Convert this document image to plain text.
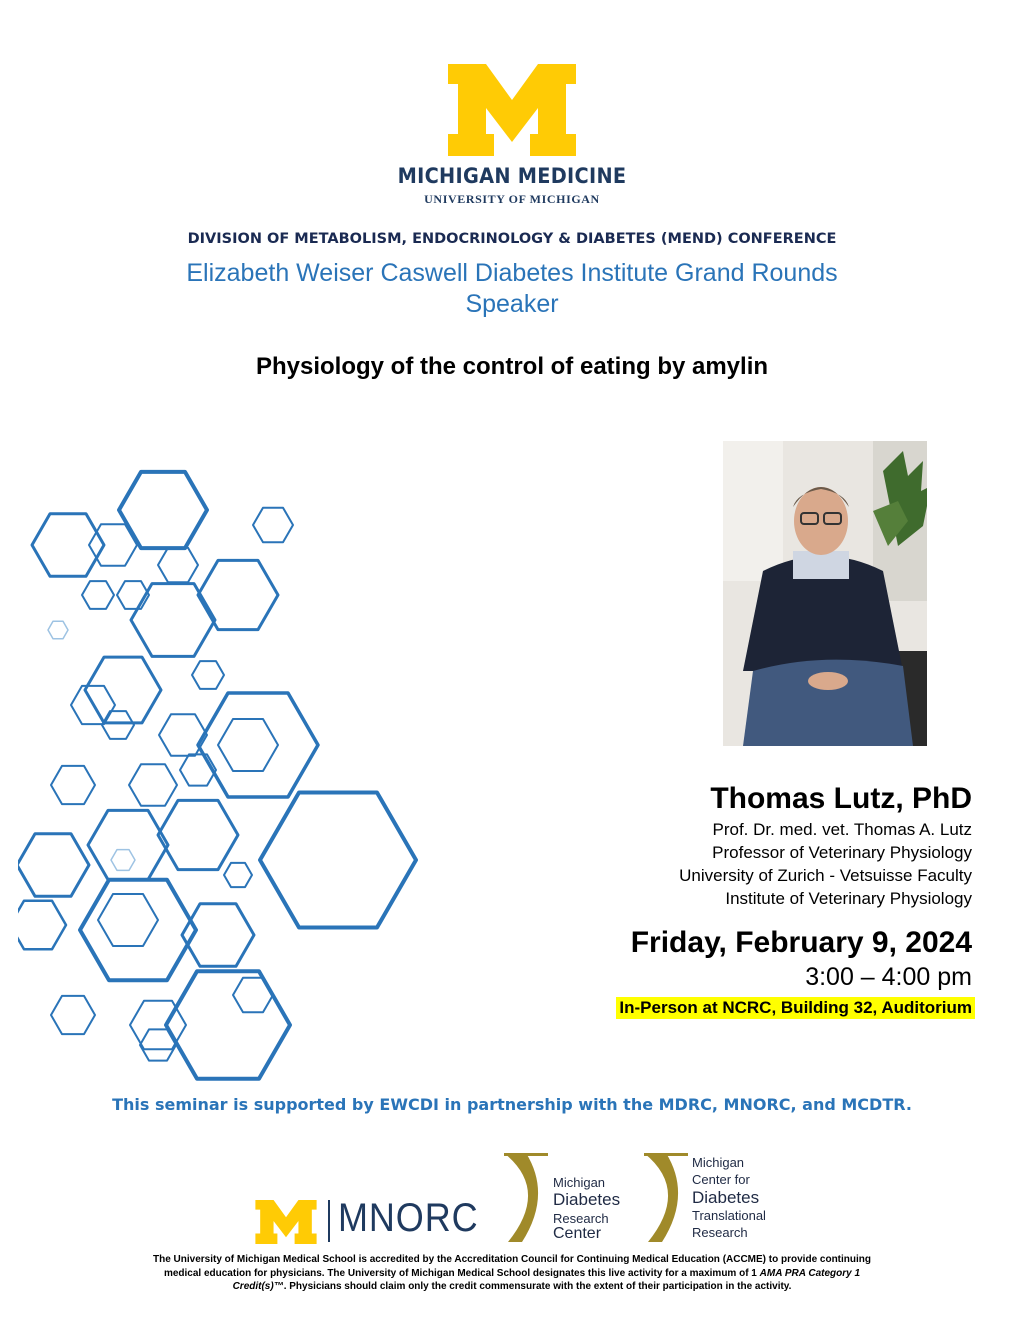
MICHIGAN MEDICINE
UNIVERSITY OF MICHIGAN
DIVISION OF METABOLISM, ENDOCRINOLOGY & DIABETES (MEND) CONFERENCE
Elizabeth Weiser Caswell Diabetes Institute Grand Rounds Speaker
Physiology of the control of eating by amylin
Thomas Lutz, PhD
Prof. Dr. med. vet. Thomas A. Lutz
Professor of Veterinary Physiology
University of Zurich - Vetsuisse Faculty
Institute of Veterinary Physiology
Friday, February 9, 2024
3:00 – 4:00 pm
In-Person at NCRC, Building 32, Auditorium
This seminar is supported by EWCDI in partnership with the MDRC, MNORC, and MCDTR.
MNORC
Michigan
Diabetes
Research
Center
Michigan
Center for
Diabetes
Translational
Research
The University of Michigan Medical School is accredited by the Accreditation Council for Continuing Medical Education (ACCME) to provide continuing medical education for physicians. The University of Michigan Medical School designates this live activity for a maximum of 1 AMA PRA Category 1 Credit(s)™. Physicians should claim only the credit commensurate with the extent of their participation in the activity.
